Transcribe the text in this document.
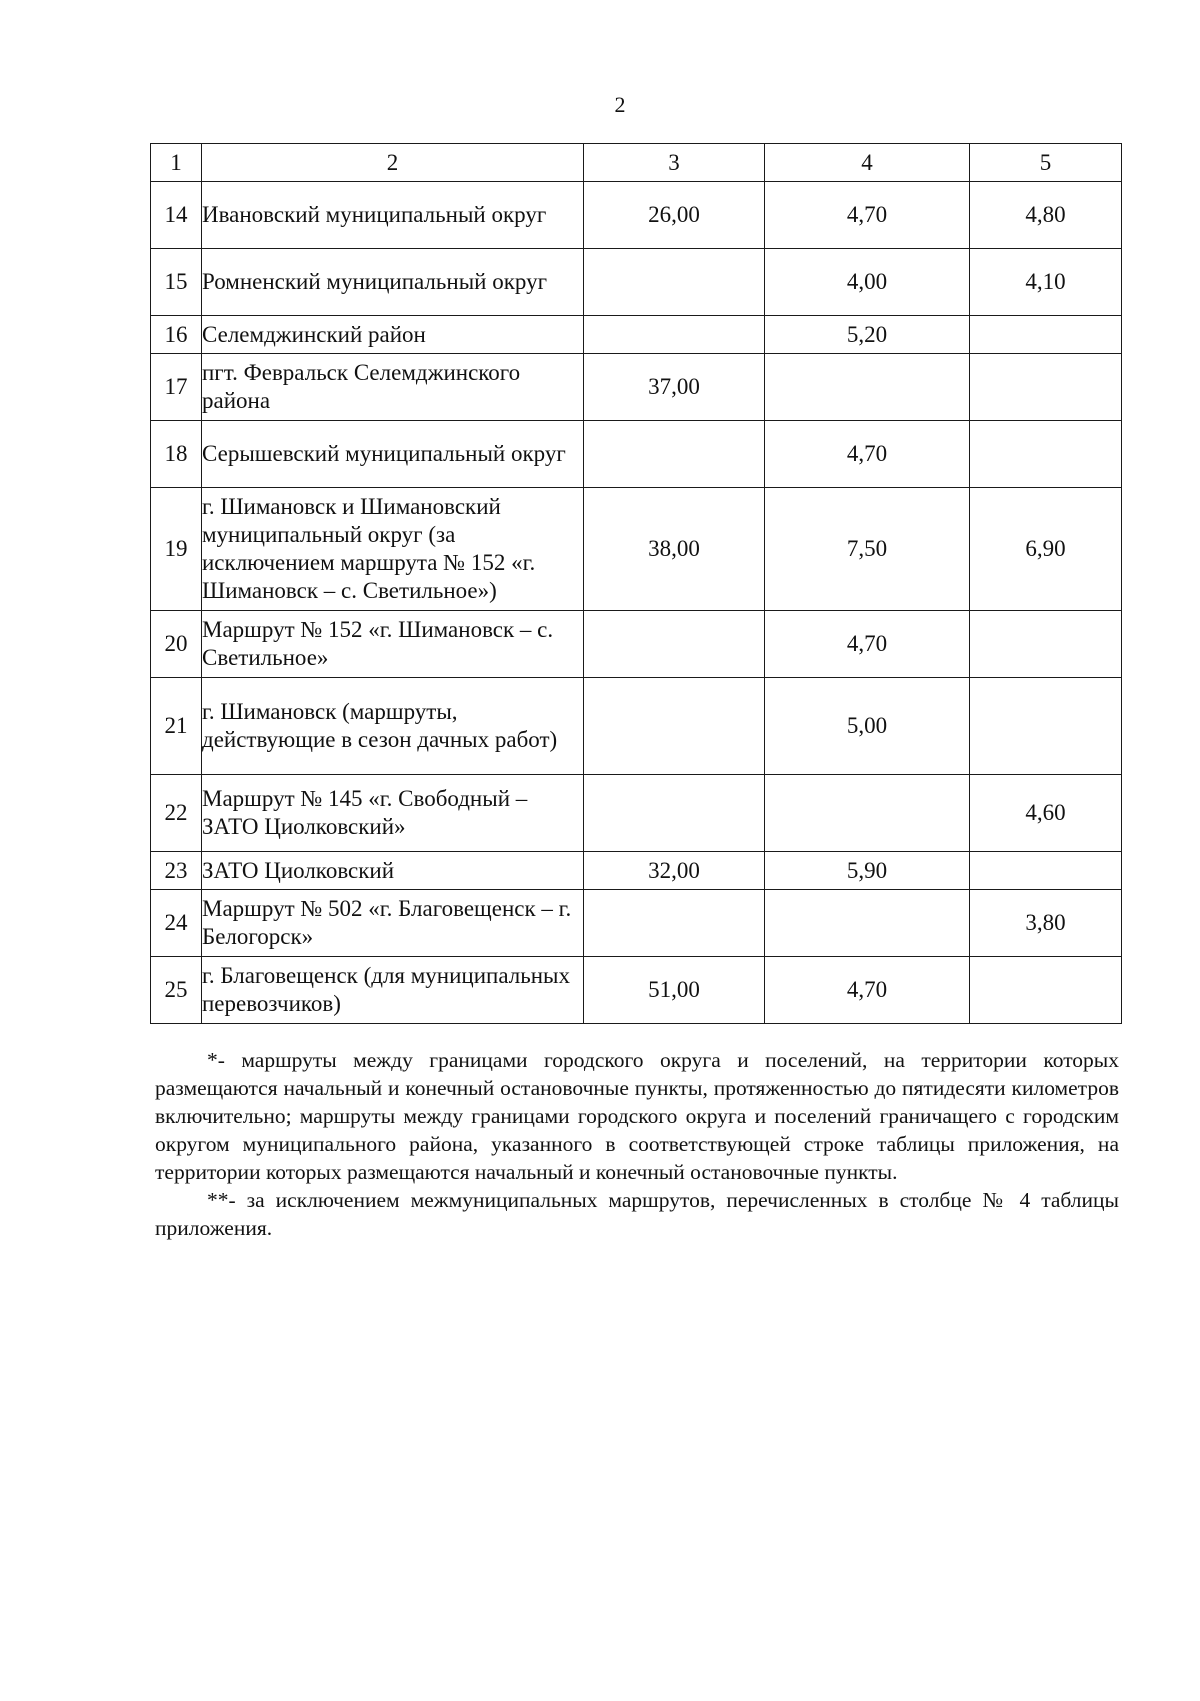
2
1	2	3	4	5
14	Ивановский муниципальный округ	26,00	4,70	4,80
15	Ромненский муниципальный округ		4,00	4,10
16	Селемджинский район		5,20	
17	пгт. Февральск Селемджинского района	37,00		
18	Серышевский муниципальный округ		4,70	
19	г. Шимановск и Шимановский муниципальный округ (за исключением маршрута № 152 «г. Шимановск – с. Светильное»)	38,00	7,50	6,90
20	Маршрут № 152 «г. Шимановск – с. Светильное»		4,70	
21	г. Шимановск (маршруты, действующие в сезон дачных работ)		5,00	
22	Маршрут № 145 «г. Свободный – ЗАТО Циолковский»			4,60
23	ЗАТО Циолковский	32,00	5,90	
24	Маршрут № 502 «г. Благовещенск – г. Белогорск»			3,80
25	г. Благовещенск (для муниципальных перевозчиков)	51,00	4,70	

*- маршруты между границами городского округа и поселений, на территории которых размещаются начальный и конечный остановочные пункты, протяженностью до пятидесяти километров включительно; маршруты между границами городского округа и поселений граничащего с городским округом муниципального района, указанного в соответствующей строке таблицы приложения, на территории которых размещаются начальный и конечный остановочные пункты.

**- за исключением межмуниципальных маршрутов, перечисленных в столбце № 4 таблицы приложения.
